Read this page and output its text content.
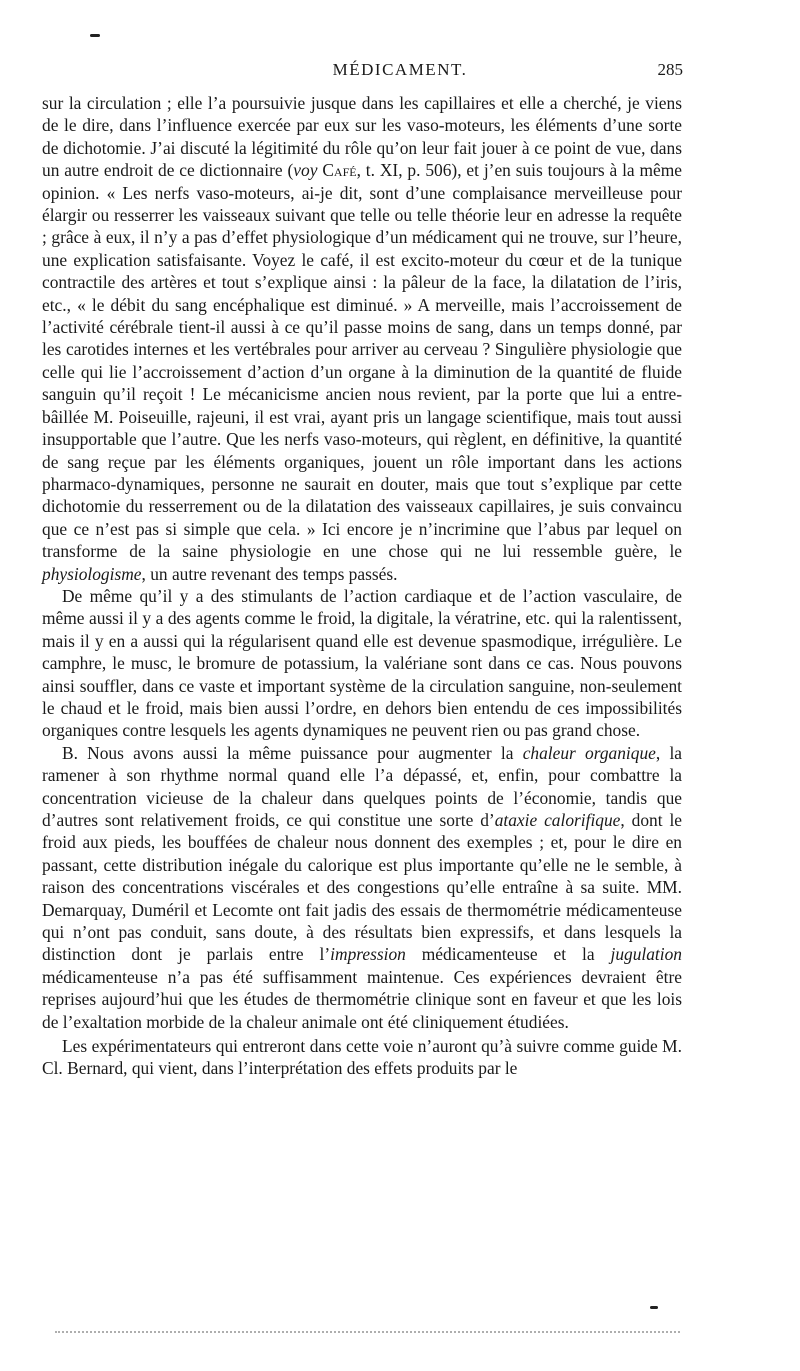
MÉDICAMENT.	285

sur la circulation ; elle l’a poursuivie jusque dans les capillaires et elle a cherché, je viens de le dire, dans l’influence exercée par eux sur les vaso-moteurs, les éléments d’une sorte de dichotomie. J’ai discuté la légitimité du rôle qu’on leur fait jouer à ce point de vue, dans un autre endroit de ce dictionnaire (voy Café, t. XI, p. 506), et j’en suis toujours à la même opinion. « Les nerfs vaso-moteurs, ai-je dit, sont d’une complaisance merveilleuse pour élargir ou resserrer les vaisseaux suivant que telle ou telle théorie leur en adresse la requête ; grâce à eux, il n’y a pas d’effet physiologique d’un médicament qui ne trouve, sur l’heure, une explication satisfaisante. Voyez le café, il est excito-moteur du cœur et de la tunique contractile des artères et tout s’explique ainsi : la pâleur de la face, la dilatation de l’iris, etc., « le débit du sang encéphalique est diminué. » A merveille, mais l’accroissement de l’activité cérébrale tient-il aussi à ce qu’il passe moins de sang, dans un temps donné, par les carotides internes et les vertébrales pour arriver au cerveau ? Singulière physiologie que celle qui lie l’accroissement d’action d’un organe à la diminution de la quantité de fluide sanguin qu’il reçoit ! Le mécanicisme ancien nous revient, par la porte que lui a entre-bâillée M. Poiseuille, rajeuni, il est vrai, ayant pris un langage scientifique, mais tout aussi insupportable que l’autre. Que les nerfs vaso-moteurs, qui règlent, en définitive, la quantité de sang reçue par les éléments organiques, jouent un rôle important dans les actions pharmaco-dynamiques, personne ne saurait en douter, mais que tout s’explique par cette dichotomie du resserrement ou de la dilatation des vaisseaux capillaires, je suis convaincu que ce n’est pas si simple que cela. » Ici encore je n’incrimine que l’abus par lequel on transforme de la saine physiologie en une chose qui ne lui ressemble guère, le physiologisme, un autre revenant des temps passés.

De même qu’il y a des stimulants de l’action cardiaque et de l’action vasculaire, de même aussi il y a des agents comme le froid, la digitale, la vératrine, etc. qui la ralentissent, mais il y en a aussi qui la régularisent quand elle est devenue spasmodique, irrégulière. Le camphre, le musc, le bromure de potassium, la valériane sont dans ce cas. Nous pouvons ainsi souffler, dans ce vaste et important système de la circulation sanguine, non-seulement le chaud et le froid, mais bien aussi l’ordre, en dehors bien entendu de ces impossibilités organiques contre lesquels les agents dynamiques ne peuvent rien ou pas grand chose.

B. Nous avons aussi la même puissance pour augmenter la chaleur organique, la ramener à son rhythme normal quand elle l’a dépassé, et, enfin, pour combattre la concentration vicieuse de la chaleur dans quelques points de l’économie, tandis que d’autres sont relativement froids, ce qui constitue une sorte d’ataxie calorifique, dont le froid aux pieds, les bouffées de chaleur nous donnent des exemples ; et, pour le dire en passant, cette distribution inégale du calorique est plus importante qu’elle ne le semble, à raison des concentrations viscérales et des congestions qu’elle entraîne à sa suite. MM. Demarquay, Duméril et Lecomte ont fait jadis des essais de thermométrie médicamenteuse qui n’ont pas conduit, sans doute, à des résultats bien expressifs, et dans lesquels la distinction dont je parlais entre l’impression médicamenteuse et la jugulation médicamenteuse n’a pas été suffisamment maintenue. Ces expériences devraient être reprises aujourd’hui que les études de thermométrie clinique sont en faveur et que les lois de l’exaltation morbide de la chaleur animale ont été cliniquement étudiées.

Les expérimentateurs qui entreront dans cette voie n’auront qu’à suivre comme guide M. Cl. Bernard, qui vient, dans l’interprétation des effets produits par le
